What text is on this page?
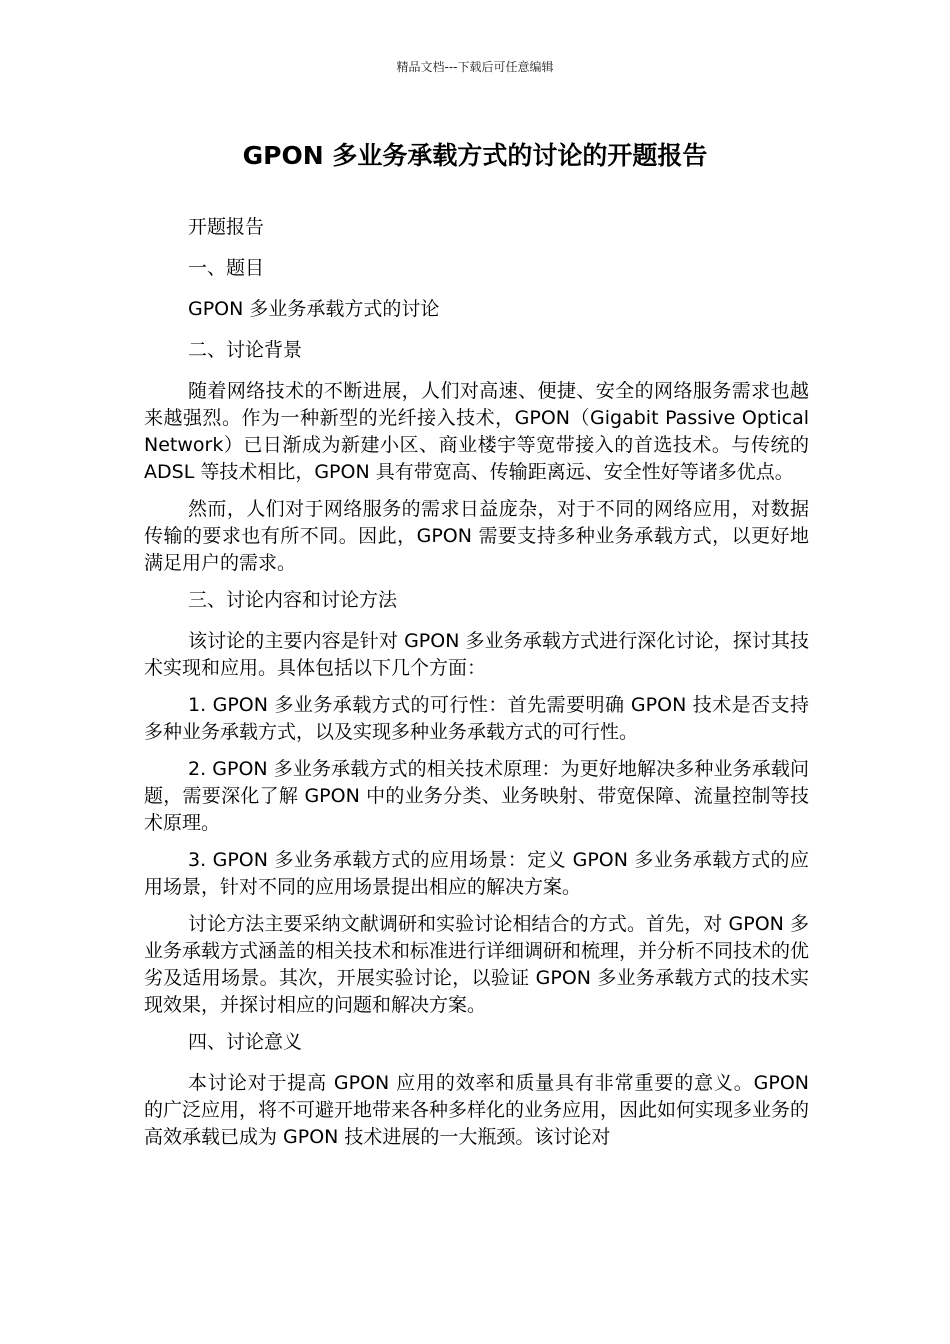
精品文档---下载后可任意编辑
GPON 多业务承载方式的讨论的开题报告

开题报告

一、题目

GPON 多业务承载方式的讨论

二、讨论背景

随着网络技术的不断进展，人们对高速、便捷、安全的网络服务需求也越来越强烈。作为一种新型的光纤接入技术，GPON（Gigabit Passive Optical Network）已日渐成为新建小区、商业楼宇等宽带接入的首选技术。与传统的 ADSL 等技术相比，GPON 具有带宽高、传输距离远、安全性好等诸多优点。

然而，人们对于网络服务的需求日益庞杂，对于不同的网络应用，对数据传输的要求也有所不同。因此，GPON 需要支持多种业务承载方式，以更好地满足用户的需求。

三、讨论内容和讨论方法

该讨论的主要内容是针对 GPON 多业务承载方式进行深化讨论，探讨其技术实现和应用。具体包括以下几个方面：

1. GPON 多业务承载方式的可行性：首先需要明确 GPON 技术是否支持多种业务承载方式，以及实现多种业务承载方式的可行性。

2. GPON 多业务承载方式的相关技术原理：为更好地解决多种业务承载问题，需要深化了解 GPON 中的业务分类、业务映射、带宽保障、流量控制等技术原理。

3. GPON 多业务承载方式的应用场景：定义 GPON 多业务承载方式的应用场景，针对不同的应用场景提出相应的解决方案。

讨论方法主要采纳文献调研和实验讨论相结合的方式。首先，对 GPON 多业务承载方式涵盖的相关技术和标准进行详细调研和梳理，并分析不同技术的优劣及适用场景。其次，开展实验讨论，以验证 GPON 多业务承载方式的技术实现效果，并探讨相应的问题和解决方案。

四、讨论意义

本讨论对于提高 GPON 应用的效率和质量具有非常重要的意义。GPON 的广泛应用，将不可避开地带来各种多样化的业务应用，因此如何实现多业务的高效承载已成为 GPON 技术进展的一大瓶颈。该讨论对
